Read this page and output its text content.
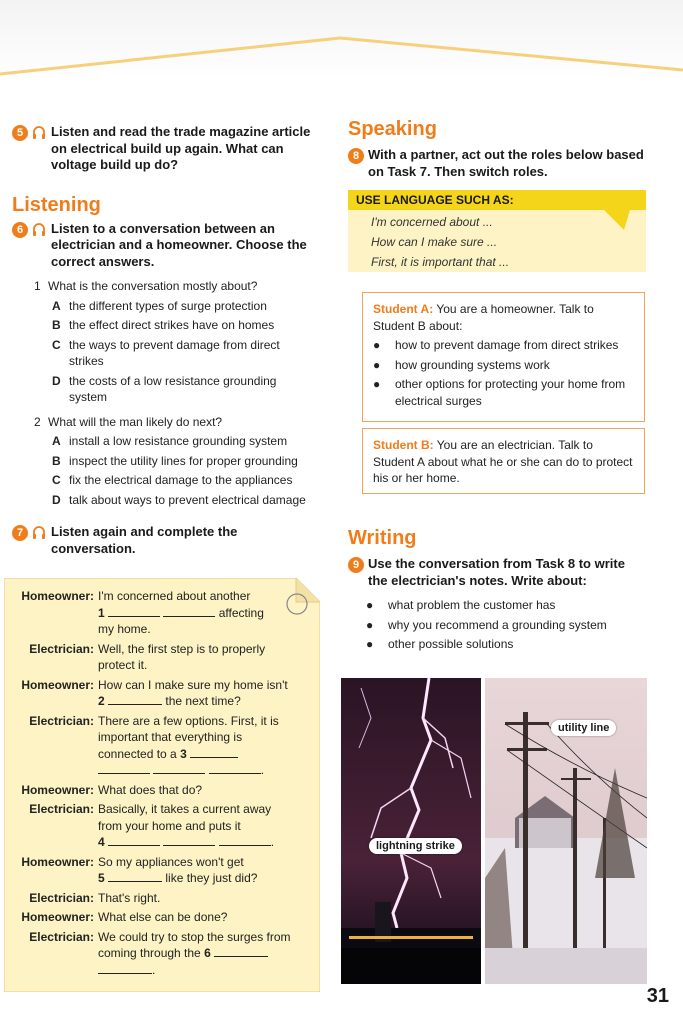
5	Listen and read the trade magazine article on electrical build up again. What can voltage build up do?
Listening
6	Listen to a conversation between an electrician and a homeowner. Choose the correct answers.
1 What is the conversation mostly about?
A the different types of surge protection
B the effect direct strikes have on homes
C the ways to prevent damage from direct strikes
D the costs of a low resistance grounding system
2 What will the man likely do next?
A install a low resistance grounding system
B inspect the utility lines for proper grounding
C fix the electrical damage to the appliances
D talk about ways to prevent electrical damage
7	Listen again and complete the conversation.
Homeowner: I'm concerned about another
1	affecting
my home.
Electrician: Well, the first step is to properly protect it.
Homeowner: How can I make sure my home isn't
2	the next time?
Electrician: There are a few options. First, it is important that everything is connected to a 3
.
Homeowner: What does that do?
Electrician: Basically, it takes a current away from your home and puts it
4	.
Homeowner: So my appliances won't get
5	like they just did?
Electrician: That's right.
Homeowner: What else can be done?
Electrician: We could try to stop the surges from coming through the 6
.
Speaking
8 With a partner, act out the roles below based on Task 7. Then switch roles.
USE LANGUAGE SUCH AS:
I'm concerned about ...
How can I make sure ...
First, it is important that ...
Student A: You are a homeowner. Talk to Student B about:
●	how to prevent damage from direct strikes
●	how grounding systems work
●	other options for protecting your home from electrical surges
Student B: You are an electrician. Talk to Student A about what he or she can do to protect his or her home.
Writing
9 Use the conversation from Task 8 to write the electrician's notes. Write about:
●	what problem the customer has
●	why you recommend a grounding system
●	other possible solutions
lightning strike
utility line
31
